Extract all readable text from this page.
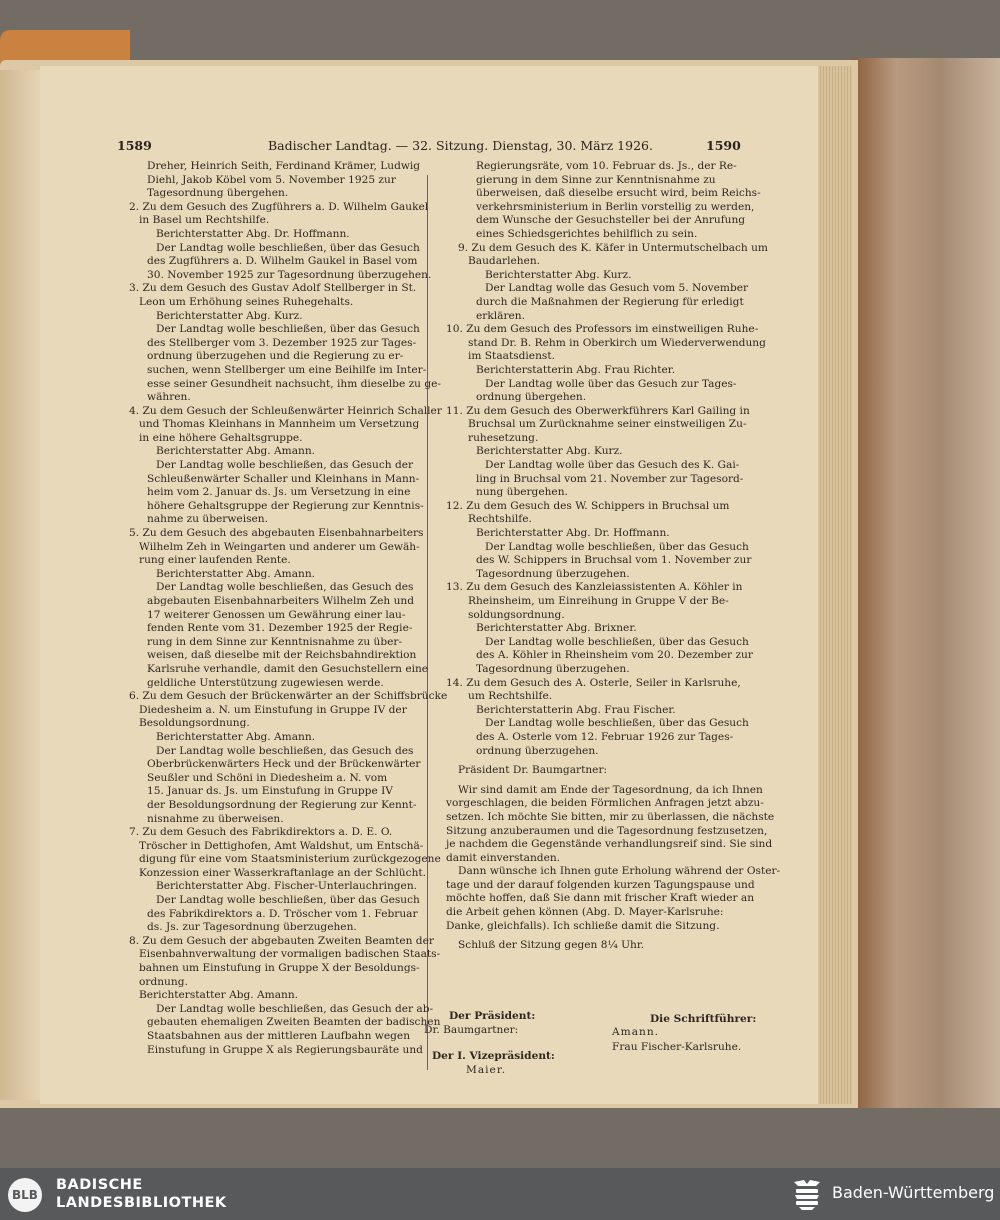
1589	Badischer Landtag. — 32. Sitzung. Dienstag, 30. März 1926.	1590

Dreher, Heinrich Seith, Ferdinand Krämer, Ludwig

Diehl, Jakob Köbel vom 5. November 1925 zur

Tagesordnung übergehen.

2. Zu dem Gesuch des Zugführers a. D. Wilhelm Gaukel

in Basel um Rechtshilfe.

Berichterstatter Abg. Dr. Hoffmann.

Der Landtag wolle beschließen, über das Gesuch

des Zugführers a. D. Wilhelm Gaukel in Basel vom

30. November 1925 zur Tagesordnung überzugehen.

3. Zu dem Gesuch des Gustav Adolf Stellberger in St.

Leon um Erhöhung seines Ruhegehalts.

Berichterstatter Abg. Kurz.

Der Landtag wolle beschließen, über das Gesuch

des Stellberger vom 3. Dezember 1925 zur Tages-

ordnung überzugehen und die Regierung zu er-

suchen, wenn Stellberger um eine Beihilfe im Inter-

esse seiner Gesundheit nachsucht, ihm dieselbe zu ge-

währen.

4. Zu dem Gesuch der Schleußenwärter Heinrich Schaller

und Thomas Kleinhans in Mannheim um Versetzung

in eine höhere Gehaltsgruppe.

Berichterstatter Abg. Amann.

Der Landtag wolle beschließen, das Gesuch der

Schleußenwärter Schaller und Kleinhans in Mann-

heim vom 2. Januar ds. Js. um Versetzung in eine

höhere Gehaltsgruppe der Regierung zur Kenntnis-

nahme zu überweisen.

5. Zu dem Gesuch des abgebauten Eisenbahnarbeiters

Wilhelm Zeh in Weingarten und anderer um Gewäh-

rung einer laufenden Rente.

Berichterstatter Abg. Amann.

Der Landtag wolle beschließen, das Gesuch des

abgebauten Eisenbahnarbeiters Wilhelm Zeh und

17 weiterer Genossen um Gewährung einer lau-

fenden Rente vom 31. Dezember 1925 der Regie-

rung in dem Sinne zur Kenntnisnahme zu über-

weisen, daß dieselbe mit der Reichsbahndirektion

Karlsruhe verhandle, damit den Gesuchstellern eine

geldliche Unterstützung zugewiesen werde.

6. Zu dem Gesuch der Brückenwärter an der Schiffsbrücke

Diedesheim a. N. um Einstufung in Gruppe IV der

Besoldungsordnung.

Berichterstatter Abg. Amann.

Der Landtag wolle beschließen, das Gesuch des

Oberbrückenwärters Heck und der Brückenwärter

Seußler und Schöni in Diedesheim a. N. vom

15. Januar ds. Js. um Einstufung in Gruppe IV

der Besoldungsordnung der Regierung zur Kennt-

nisnahme zu überweisen.

7. Zu dem Gesuch des Fabrikdirektors a. D. E. O.

Tröscher in Dettighofen, Amt Waldshut, um Entschä-

digung für eine vom Staatsministerium zurückgezogene

Konzession einer Wasserkraftanlage an der Schlücht.

Berichterstatter Abg. Fischer-Unterlauchringen.

Der Landtag wolle beschließen, über das Gesuch

des Fabrikdirektors a. D. Tröscher vom 1. Februar

ds. Js. zur Tagesordnung überzugehen.

8. Zu dem Gesuch der abgebauten Zweiten Beamten der

Eisenbahnverwaltung der vormaligen badischen Staats-

bahnen um Einstufung in Gruppe X der Besoldungs-

ordnung.

Berichterstatter Abg. Amann.

Der Landtag wolle beschließen, das Gesuch der ab-

gebauten ehemaligen Zweiten Beamten der badischen

Staatsbahnen aus der mittleren Laufbahn wegen

Einstufung in Gruppe X als Regierungsbauräte und

Regierungsräte, vom 10. Februar ds. Js., der Re-

gierung in dem Sinne zur Kenntnisnahme zu

überweisen, daß dieselbe ersucht wird, beim Reichs-

verkehrsministerium in Berlin vorstellig zu werden,

dem Wunsche der Gesuchsteller bei der Anrufung

eines Schiedsgerichtes behilflich zu sein.

9. Zu dem Gesuch des K. Käfer in Untermutschelbach um

Baudarlehen.

Berichterstatter Abg. Kurz.

Der Landtag wolle das Gesuch vom 5. November

durch die Maßnahmen der Regierung für erledigt

erklären.

10. Zu dem Gesuch des Professors im einstweiligen Ruhe-

stand Dr. B. Rehm in Oberkirch um Wiederverwendung

im Staatsdienst.

Berichterstatterin Abg. Frau Richter.

Der Landtag wolle über das Gesuch zur Tages-

ordnung übergehen.

11. Zu dem Gesuch des Oberwerkführers Karl Gailing in

Bruchsal um Zurücknahme seiner einstweiligen Zu-

ruhesetzung.

Berichterstatter Abg. Kurz.

Der Landtag wolle über das Gesuch des K. Gai-

ling in Bruchsal vom 21. November zur Tagesord-

nung übergehen.

12. Zu dem Gesuch des W. Schippers in Bruchsal um

Rechtshilfe.

Berichterstatter Abg. Dr. Hoffmann.

Der Landtag wolle beschließen, über das Gesuch

des W. Schippers in Bruchsal vom 1. November zur

Tagesordnung überzugehen.

13. Zu dem Gesuch des Kanzleiassistenten A. Köhler in

Rheinsheim, um Einreihung in Gruppe V der Be-

soldungsordnung.

Berichterstatter Abg. Brixner.

Der Landtag wolle beschließen, über das Gesuch

des A. Köhler in Rheinsheim vom 20. Dezember zur

Tagesordnung überzugehen.

14. Zu dem Gesuch des A. Osterle, Seiler in Karlsruhe,

um Rechtshilfe.

Berichterstatterin Abg. Frau Fischer.

Der Landtag wolle beschließen, über das Gesuch

des A. Osterle vom 12. Februar 1926 zur Tages-

ordnung überzugehen.

Präsident Dr. Baumgartner:

Wir sind damit am Ende der Tagesordnung, da ich Ihnen

vorgeschlagen, die beiden Förmlichen Anfragen jetzt abzu-

setzen. Ich möchte Sie bitten, mir zu überlassen, die nächste

Sitzung anzuberaumen und die Tagesordnung festzusetzen,

je nachdem die Gegenstände verhandlungsreif sind. Sie sind

damit einverstanden.

Dann wünsche ich Ihnen gute Erholung während der Oster-

tage und der darauf folgenden kurzen Tagungspause und

möchte hoffen, daß Sie dann mit frischer Kraft wieder an

die Arbeit gehen können (Abg. D. Mayer-Karlsruhe:

Danke, gleichfalls). Ich schließe damit die Sitzung.

Schluß der Sitzung gegen 8¼ Uhr.

Der Präsident:
Dr. Baumgartner:
Der I. Vizepräsident:
Maier.
Die Schriftführer:
Amann.
Frau Fischer-Karlsruhe.
BLB
BADISCHE
LANDESBIBLIOTHEK
Baden-Württemberg
